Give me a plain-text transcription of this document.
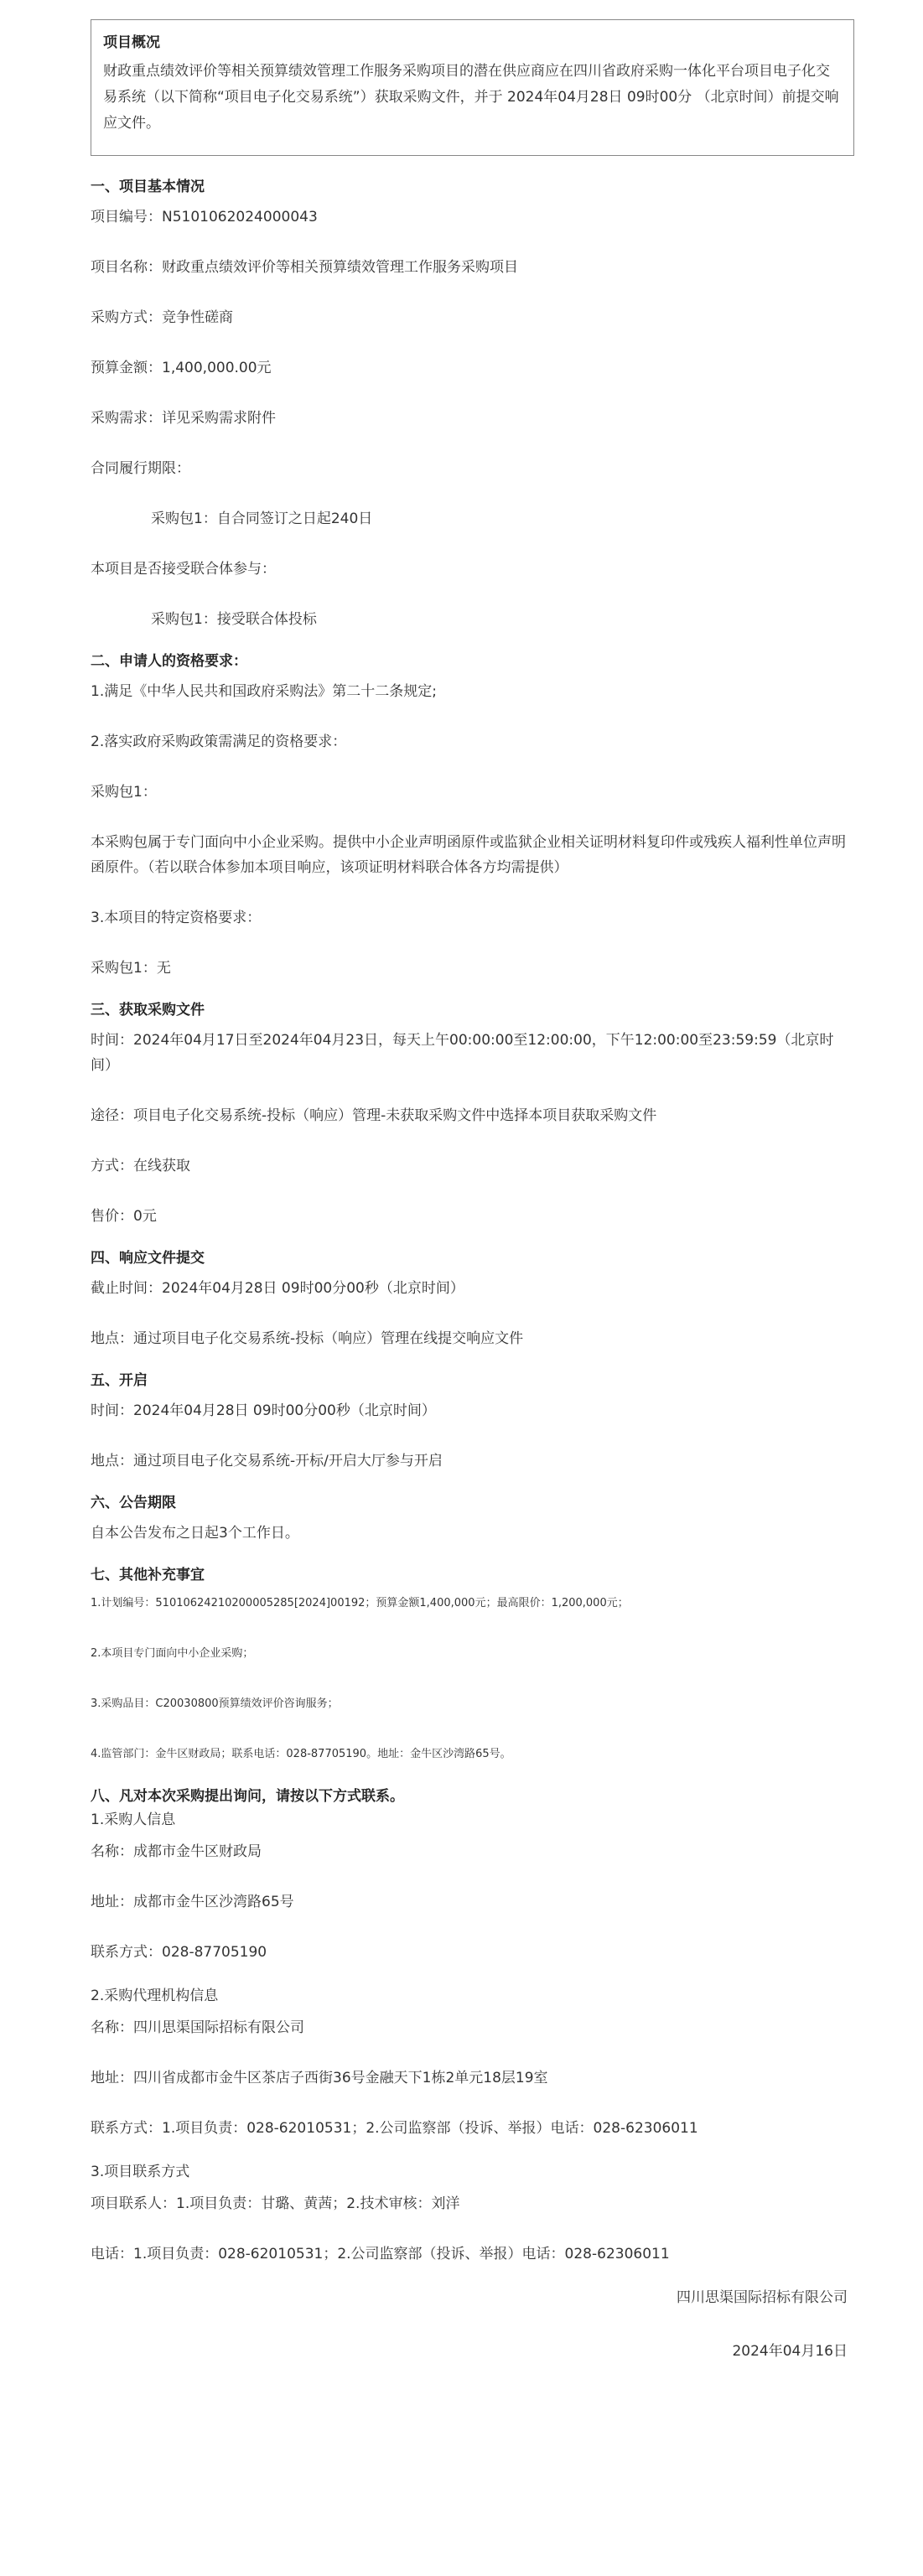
项目概况
财政重点绩效评价等相关预算绩效管理工作服务采购项目的潜在供应商应在四川省政府采购一体化平台项目电子化交易系统（以下简称“项目电子化交易系统”）获取采购文件，并于 2024年04月28日 09时00分 （北京时间）前提交响应文件。
一、项目基本情况
项目编号：N5101062024000043
项目名称：财政重点绩效评价等相关预算绩效管理工作服务采购项目
采购方式：竞争性磋商
预算金额：1,400,000.00元
采购需求：详见采购需求附件
合同履行期限：
采购包1：自合同签订之日起240日
本项目是否接受联合体参与：
采购包1：接受联合体投标
二、申请人的资格要求：
1.满足《中华人民共和国政府采购法》第二十二条规定;
2.落实政府采购政策需满足的资格要求：
采购包1：
本采购包属于专门面向中小企业采购。提供中小企业声明函原件或监狱企业相关证明材料复印件或残疾人福利性单位声明函原件。（若以联合体参加本项目响应，该项证明材料联合体各方均需提供）
3.本项目的特定资格要求：
采购包1：无
三、获取采购文件
时间：2024年04月17日至2024年04月23日，每天上午00:00:00至12:00:00，下午12:00:00至23:59:59（北京时间）
途径：项目电子化交易系统-投标（响应）管理-未获取采购文件中选择本项目获取采购文件
方式：在线获取
售价：0元
四、响应文件提交
截止时间：2024年04月28日 09时00分00秒（北京时间）
地点：通过项目电子化交易系统-投标（响应）管理在线提交响应文件
五、开启
时间：2024年04月28日 09时00分00秒（北京时间）
地点：通过项目电子化交易系统-开标/开启大厅参与开启
六、公告期限
自本公告发布之日起3个工作日。
七、其他补充事宜
1.计划编号：510106242102000052​85[2024]00192；预算金额1,400,000元；最高限价：1,200,000元；
2.本项目专门面向中小企业采购；
3.采购品目：C20030800预算绩效评价咨询服务；
4.监管部门：金牛区财政局；联系电话：028-87705190。地址：金牛区沙湾路65号。
八、凡对本次采购提出询问，请按以下方式联系。
1.采购人信息
名称：成都市金牛区财政局
地址：成都市金牛区沙湾路65号
联系方式：028-87705190
2.采购代理机构信息
名称：四川思渠国际招标有限公司
地址：四川省成都市金牛区茶店子西街36号金融天下1栋2单元18层19室
联系方式：1.项目负责：028-62010531；2.公司监察部（投诉、举报）电话：028-62306011
3.项目联系方式
项目联系人：1.项目负责：甘璐、黄茜；2.技术审核：刘洋
电话：1.项目负责：028-62010531；2.公司监察部（投诉、举报）电话：028-62306011
四川思渠国际招标有限公司
2024年04月16日
